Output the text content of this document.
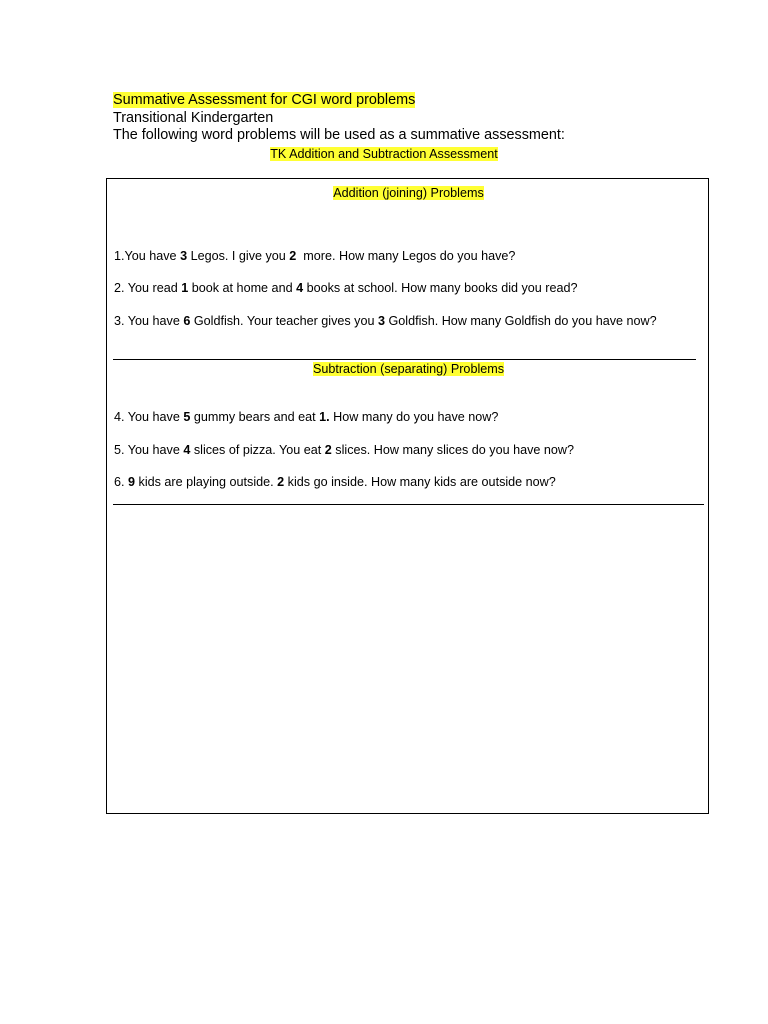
Summative Assessment for CGI word problems
Transitional Kindergarten
The following word problems will be used as a summative assessment:
TK Addition and Subtraction Assessment
Addition (joining) Problems
1.You have 3 Legos. I give you 2  more. How many Legos do you have?
2. You read 1 book at home and 4 books at school. How many books did you read?
3. You have 6 Goldfish. Your teacher gives you 3 Goldfish. How many Goldfish do you have now?
Subtraction (separating) Problems
4. You have 5 gummy bears and eat 1. How many do you have now?
5. You have 4 slices of pizza. You eat 2 slices. How many slices do you have now?
6. 9 kids are playing outside. 2 kids go inside. How many kids are outside now?
